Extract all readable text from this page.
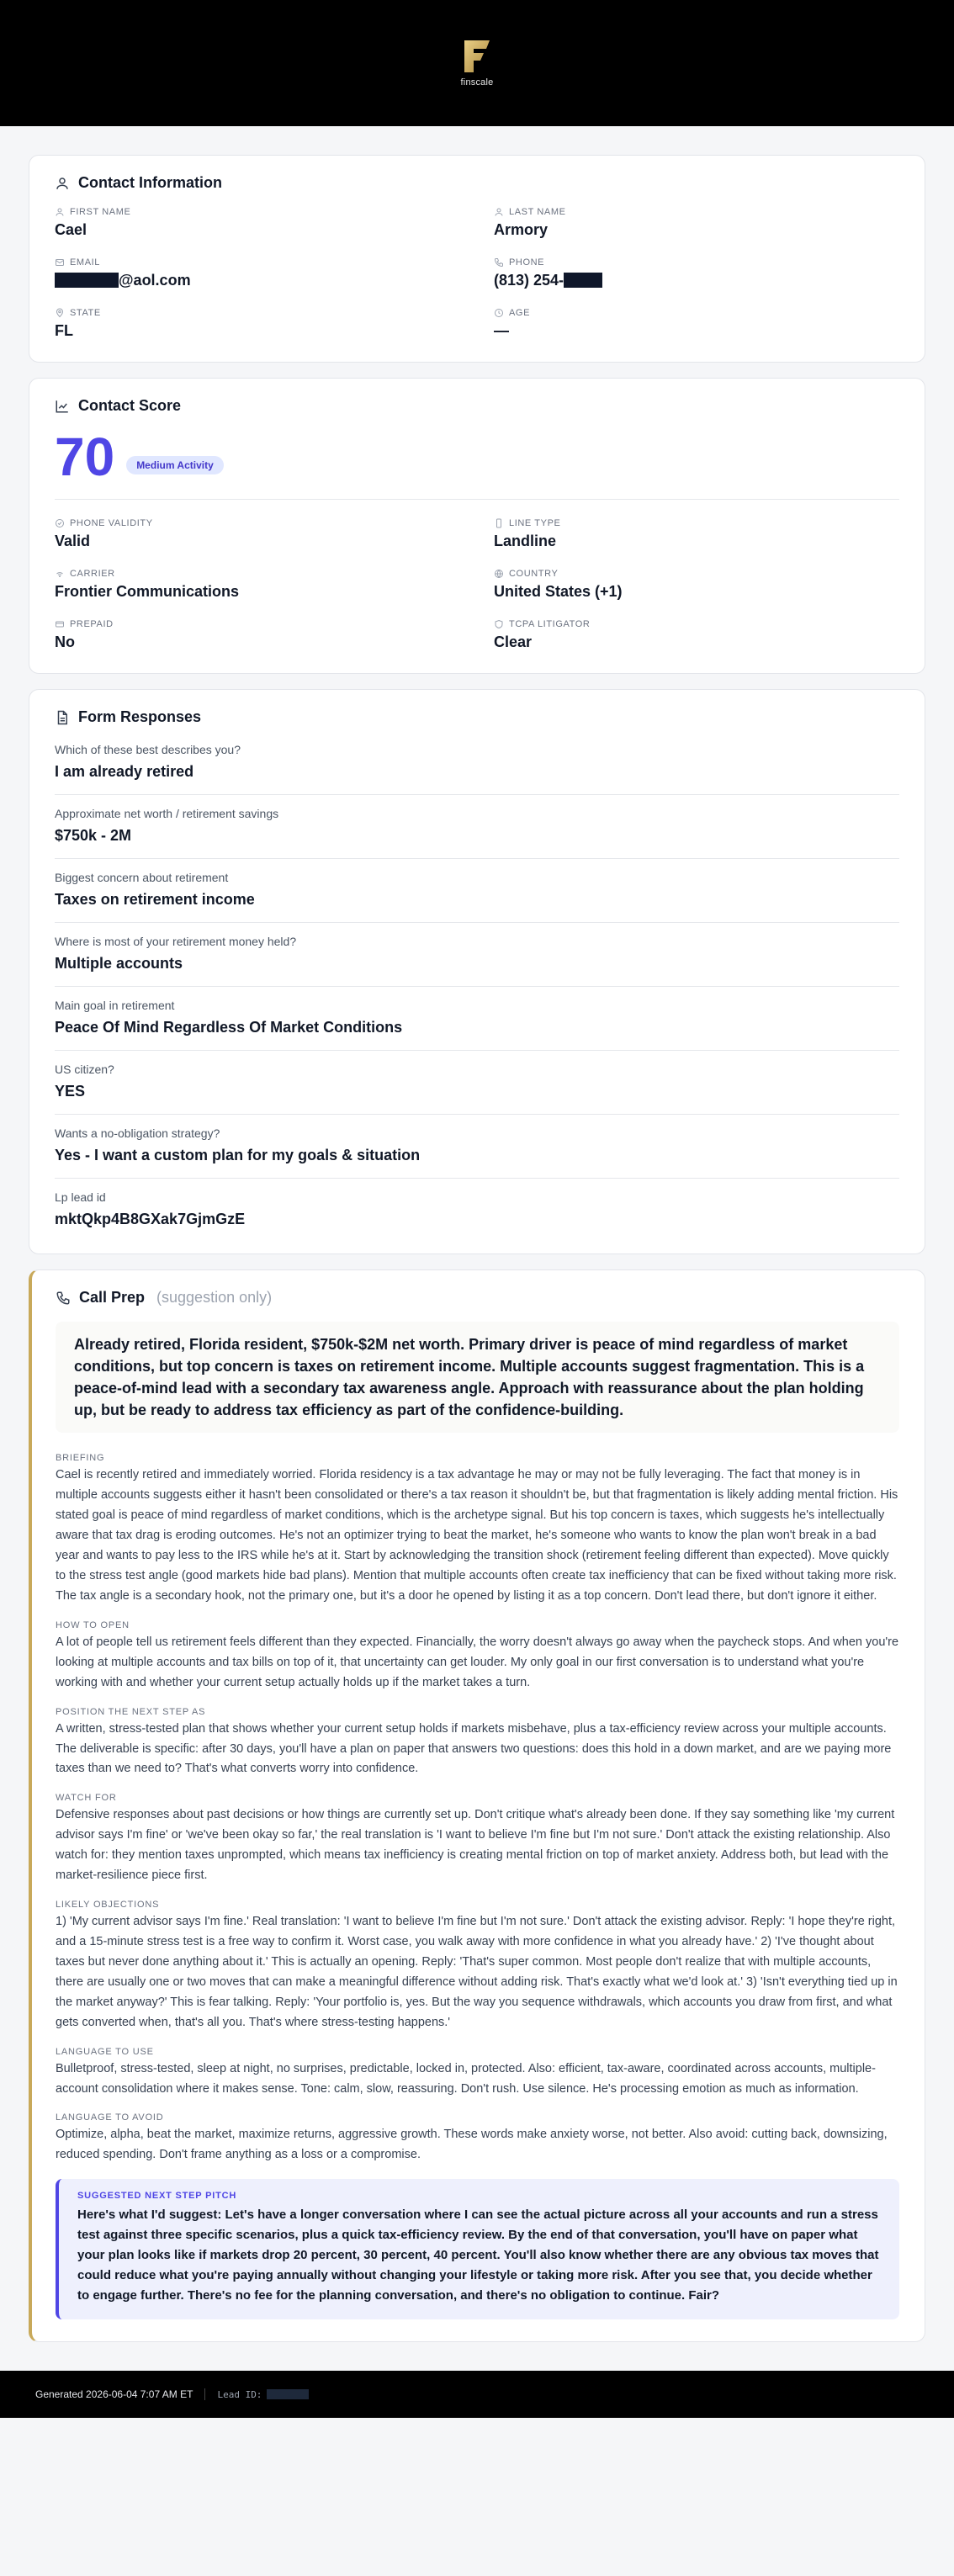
finscale
Contact Information
FIRST NAME
Cael
LAST NAME
Armory
EMAIL
@aol.com
PHONE
(813) 254-
STATE
FL
AGE
—
Contact Score
70	Medium Activity
PHONE VALIDITY
Valid
LINE TYPE
Landline
CARRIER
Frontier Communications
COUNTRY
United States (+1)
PREPAID
No
TCPA LITIGATOR
Clear
Form Responses
Which of these best describes you?
I am already retired
Approximate net worth / retirement savings
$750k - 2M
Biggest concern about retirement
Taxes on retirement income
Where is most of your retirement money held?
Multiple accounts
Main goal in retirement
Peace Of Mind Regardless Of Market Conditions
US citizen?
YES
Wants a no-obligation strategy?
Yes - I want a custom plan for my goals & situation
Lp lead id
mktQkp4B8GXak7GjmGzE
Call Prep (suggestion only)
Already retired, Florida resident, $750k-$2M net worth. Primary driver is peace of mind regardless of market conditions, but top concern is taxes on retirement income. Multiple accounts suggest fragmentation. This is a peace-of-mind lead with a secondary tax awareness angle. Approach with reassurance about the plan holding up, but be ready to address tax efficiency as part of the confidence-building.
BRIEFING
Cael is recently retired and immediately worried. Florida residency is a tax advantage he may or may not be fully leveraging. The fact that money is in multiple accounts suggests either it hasn't been consolidated or there's a tax reason it shouldn't be, but that fragmentation is likely adding mental friction. His stated goal is peace of mind regardless of market conditions, which is the archetype signal. But his top concern is taxes, which suggests he's intellectually aware that tax drag is eroding outcomes. He's not an optimizer trying to beat the market, he's someone who wants to know the plan won't break in a bad year and wants to pay less to the IRS while he's at it. Start by acknowledging the transition shock (retirement feeling different than expected). Move quickly to the stress test angle (good markets hide bad plans). Mention that multiple accounts often create tax inefficiency that can be fixed without taking more risk. The tax angle is a secondary hook, not the primary one, but it's a door he opened by listing it as a top concern. Don't lead there, but don't ignore it either.
HOW TO OPEN
A lot of people tell us retirement feels different than they expected. Financially, the worry doesn't always go away when the paycheck stops. And when you're looking at multiple accounts and tax bills on top of it, that uncertainty can get louder. My only goal in our first conversation is to understand what you're working with and whether your current setup actually holds up if the market takes a turn.
POSITION THE NEXT STEP AS
A written, stress-tested plan that shows whether your current setup holds if markets misbehave, plus a tax-efficiency review across your multiple accounts. The deliverable is specific: after 30 days, you'll have a plan on paper that answers two questions: does this hold in a down market, and are we paying more taxes than we need to? That's what converts worry into confidence.
WATCH FOR
Defensive responses about past decisions or how things are currently set up. Don't critique what's already been done. If they say something like 'my current advisor says I'm fine' or 'we've been okay so far,' the real translation is 'I want to believe I'm fine but I'm not sure.' Don't attack the existing relationship. Also watch for: they mention taxes unprompted, which means tax inefficiency is creating mental friction on top of market anxiety. Address both, but lead with the market-resilience piece first.
LIKELY OBJECTIONS
1) 'My current advisor says I'm fine.' Real translation: 'I want to believe I'm fine but I'm not sure.' Don't attack the existing advisor. Reply: 'I hope they're right, and a 15-minute stress test is a free way to confirm it. Worst case, you walk away with more confidence in what you already have.' 2) 'I've thought about taxes but never done anything about it.' This is actually an opening. Reply: 'That's super common. Most people don't realize that with multiple accounts, there are usually one or two moves that can make a meaningful difference without adding risk. That's exactly what we'd look at.' 3) 'Isn't everything tied up in the market anyway?' This is fear talking. Reply: 'Your portfolio is, yes. But the way you sequence withdrawals, which accounts you draw from first, and what gets converted when, that's all you. That's where stress-testing happens.'
LANGUAGE TO USE
Bulletproof, stress-tested, sleep at night, no surprises, predictable, locked in, protected. Also: efficient, tax-aware, coordinated across accounts, multiple-account consolidation where it makes sense. Tone: calm, slow, reassuring. Don't rush. Use silence. He's processing emotion as much as information.
LANGUAGE TO AVOID
Optimize, alpha, beat the market, maximize returns, aggressive growth. These words make anxiety worse, not better. Also avoid: cutting back, downsizing, reduced spending. Don't frame anything as a loss or a compromise.
SUGGESTED NEXT STEP PITCH
Here's what I'd suggest: Let's have a longer conversation where I can see the actual picture across all your accounts and run a stress test against three specific scenarios, plus a quick tax-efficiency review. By the end of that conversation, you'll have on paper what your plan looks like if markets drop 20 percent, 30 percent, 40 percent. You'll also know whether there are any obvious tax moves that could reduce what you're paying annually without changing your lifestyle or taking more risk. After you see that, you decide whether to engage further. There's no fee for the planning conversation, and there's no obligation to continue. Fair?
Generated 2026-06-04 7:07 AM ET	Lead ID:
